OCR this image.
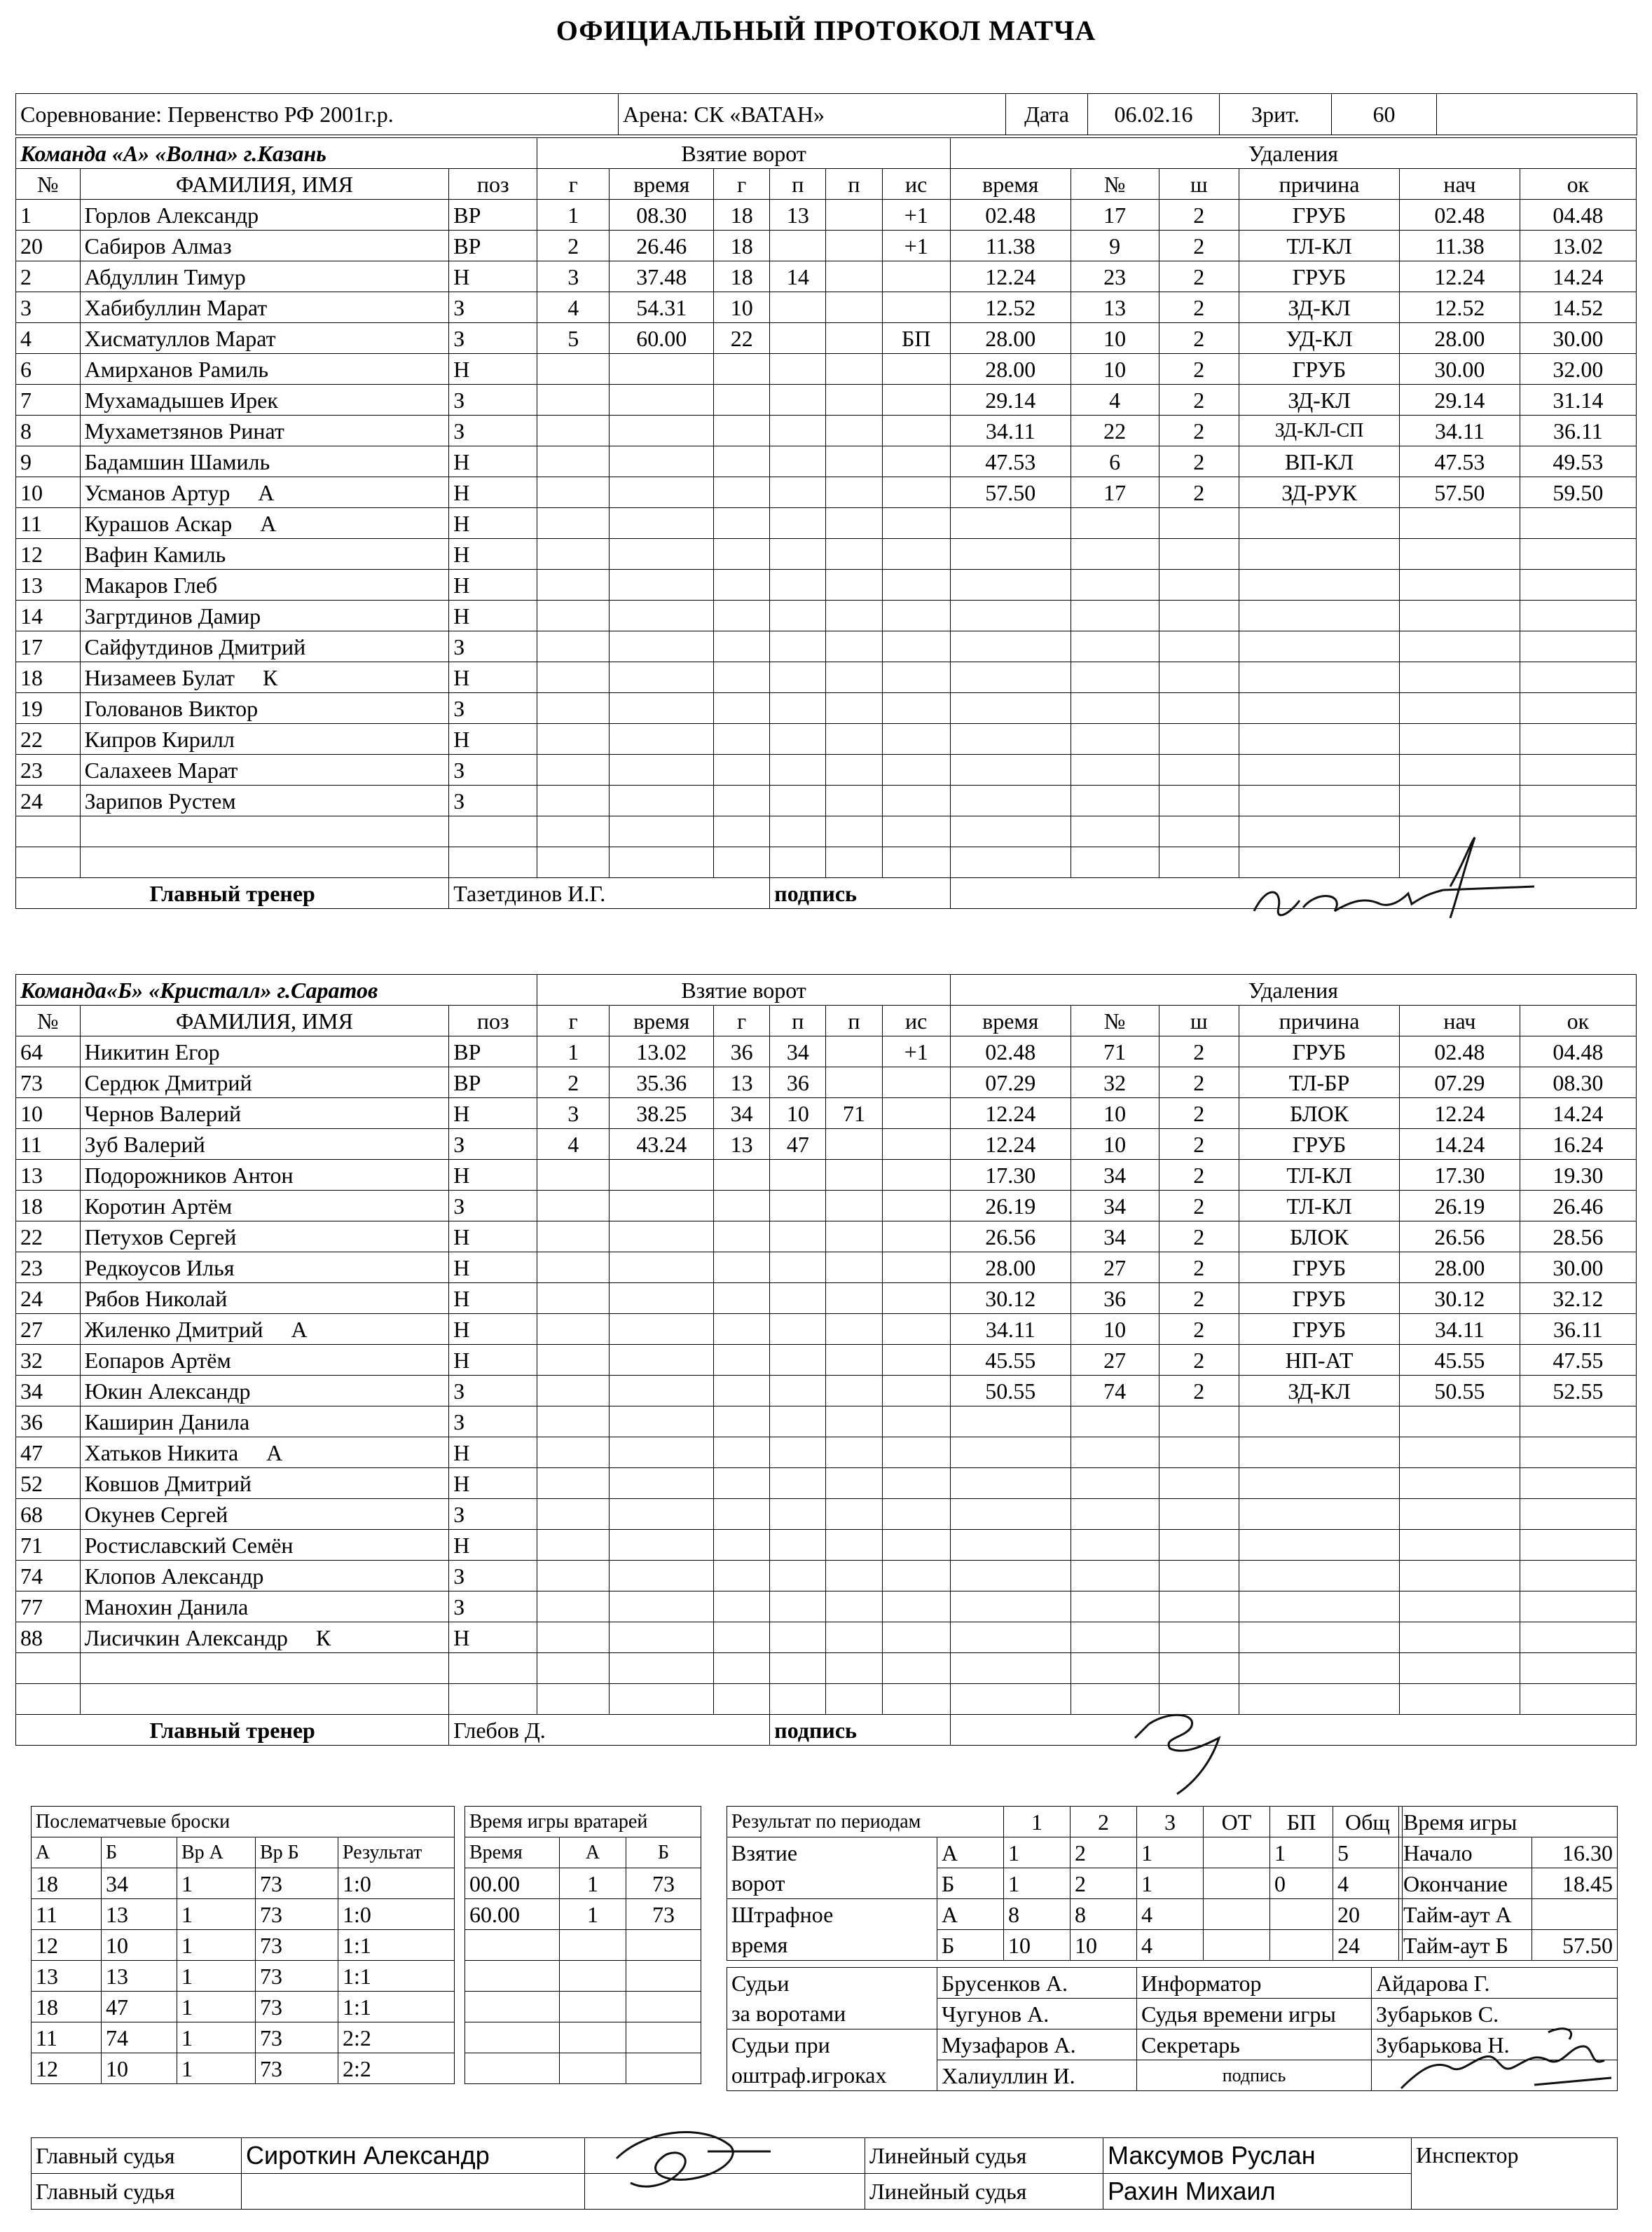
ОФИЦИАЛЬНЫЙ ПРОТОКОЛ МАТЧА
Соревнование: Первенство РФ 2001г.р.	Арена: СК «ВАТАН»	Дата	06.02.16	Зрит.	60	
Команда «А» «Волна» г.Казань			Взятие ворот						Удаления					
№	ФАМИЛИЯ, ИМЯ	поз	г	время	г	п	п	ис	время	№	ш	причина	нач	ок
1	Горлов Александр	ВР	1	08.30	18	13		+1	02.48	17	2	ГРУБ	02.48	04.48
20	Сабиров Алмаз	ВР	2	26.46	18			+1	11.38	9	2	ТЛ-КЛ	11.38	13.02
2	Абдуллин Тимур	Н	3	37.48	18	14			12.24	23	2	ГРУБ	12.24	14.24
3	Хабибуллин Марат	З	4	54.31	10				12.52	13	2	ЗД-КЛ	12.52	14.52
4	Хисматуллов Марат	З	5	60.00	22			БП	28.00	10	2	УД-КЛ	28.00	30.00
6	Амирханов Рамиль	Н							28.00	10	2	ГРУБ	30.00	32.00
7	Мухамадышев Ирек	З							29.14	4	2	ЗД-КЛ	29.14	31.14
8	Мухаметзянов Ринат	З							34.11	22	2	ЗД-КЛ-СП	34.11	36.11
9	Бадамшин Шамиль	Н							47.53	6	2	ВП-КЛ	47.53	49.53
10	Усманов Артур А	Н							57.50	17	2	ЗД-РУК	57.50	59.50
11	Курашов Аскар А	Н												
12	Вафин Камиль	Н												
13	Макаров Глеб	Н												
14	Загртдинов Дамир	Н												
17	Сайфутдинов Дмитрий	З												
18	Низамеев Булат К	Н												
19	Голованов Виктор	З												
22	Кипров Кирилл	Н												
23	Салахеев Марат	З												
24	Зарипов Рустем	З												

Главный тренер		Тазетдинов И.Г.				подпись								
Команда«Б» «Кристалл» г.Саратов			Взятие ворот						Удаления					
№	ФАМИЛИЯ, ИМЯ	поз	г	время	г	п	п	ис	время	№	ш	причина	нач	ок
64	Никитин Егор	ВР	1	13.02	36	34		+1	02.48	71	2	ГРУБ	02.48	04.48
73	Сердюк Дмитрий	ВР	2	35.36	13	36			07.29	32	2	ТЛ-БР	07.29	08.30
10	Чернов Валерий	Н	3	38.25	34	10	71		12.24	10	2	БЛОК	12.24	14.24
11	Зуб Валерий	З	4	43.24	13	47			12.24	10	2	ГРУБ	14.24	16.24
13	Подорожников Антон	Н							17.30	34	2	ТЛ-КЛ	17.30	19.30
18	Коротин Артём	З							26.19	34	2	ТЛ-КЛ	26.19	26.46
22	Петухов Сергей	Н							26.56	34	2	БЛОК	26.56	28.56
23	Редкоусов Илья	Н							28.00	27	2	ГРУБ	28.00	30.00
24	Рябов Николай	Н							30.12	36	2	ГРУБ	30.12	32.12
27	Жиленко Дмитрий А	Н							34.11	10	2	ГРУБ	34.11	36.11
32	Еопаров Артём	Н							45.55	27	2	НП-АТ	45.55	47.55
34	Юкин Александр	З							50.55	74	2	ЗД-КЛ	50.55	52.55
36	Каширин Данила	З												
47	Хатьков Никита А	Н												
52	Ковшов Дмитрий	Н												
68	Окунев Сергей	З												
71	Ростиславский Семён	Н												
74	Клопов Александр	З												
77	Манохин Данила	З												
88	Лисичкин Александр К	Н												

Главный тренер		Глебов Д.				подпись								
Послематчевые броски				
А	Б	Вр А	Вр Б	Результат
18	34	1	73	1:0
11	13	1	73	1:0
12	10	1	73	1:1
13	13	1	73	1:1
18	47	1	73	1:1
11	74	1	73	2:2
12	10	1	73	2:2
Время игры вратарей		
Время	А	Б
00.00	1	73
60.00	1	73

Результат по периодам		1	2	3	ОТ	БП	Общ
Взятие	А	1	2	1		1	5
ворот	Б	1	2	1		0	4
Штрафное	А	8	8	4			20
время	Б	10	10	4			24
Время игры	
Начало	16.30
Окончание	18.45
Тайм-аут А	
Тайм-аут Б	57.50
Судьи	Брусенков А.	Информатор	Айдарова Г.
за воротами	Чугунов А.	Судья времени игры	Зубарьков С.
Судьи при	Музафаров А.	Секретарь	Зубарькова Н.
оштраф.игроках	Халиуллин И.	подпись	
Главный судья	Сироткин Александр		Линейный судья	Максумов Руслан	Инспектор
Главный судья			Линейный судья	Рахин Михаил	
